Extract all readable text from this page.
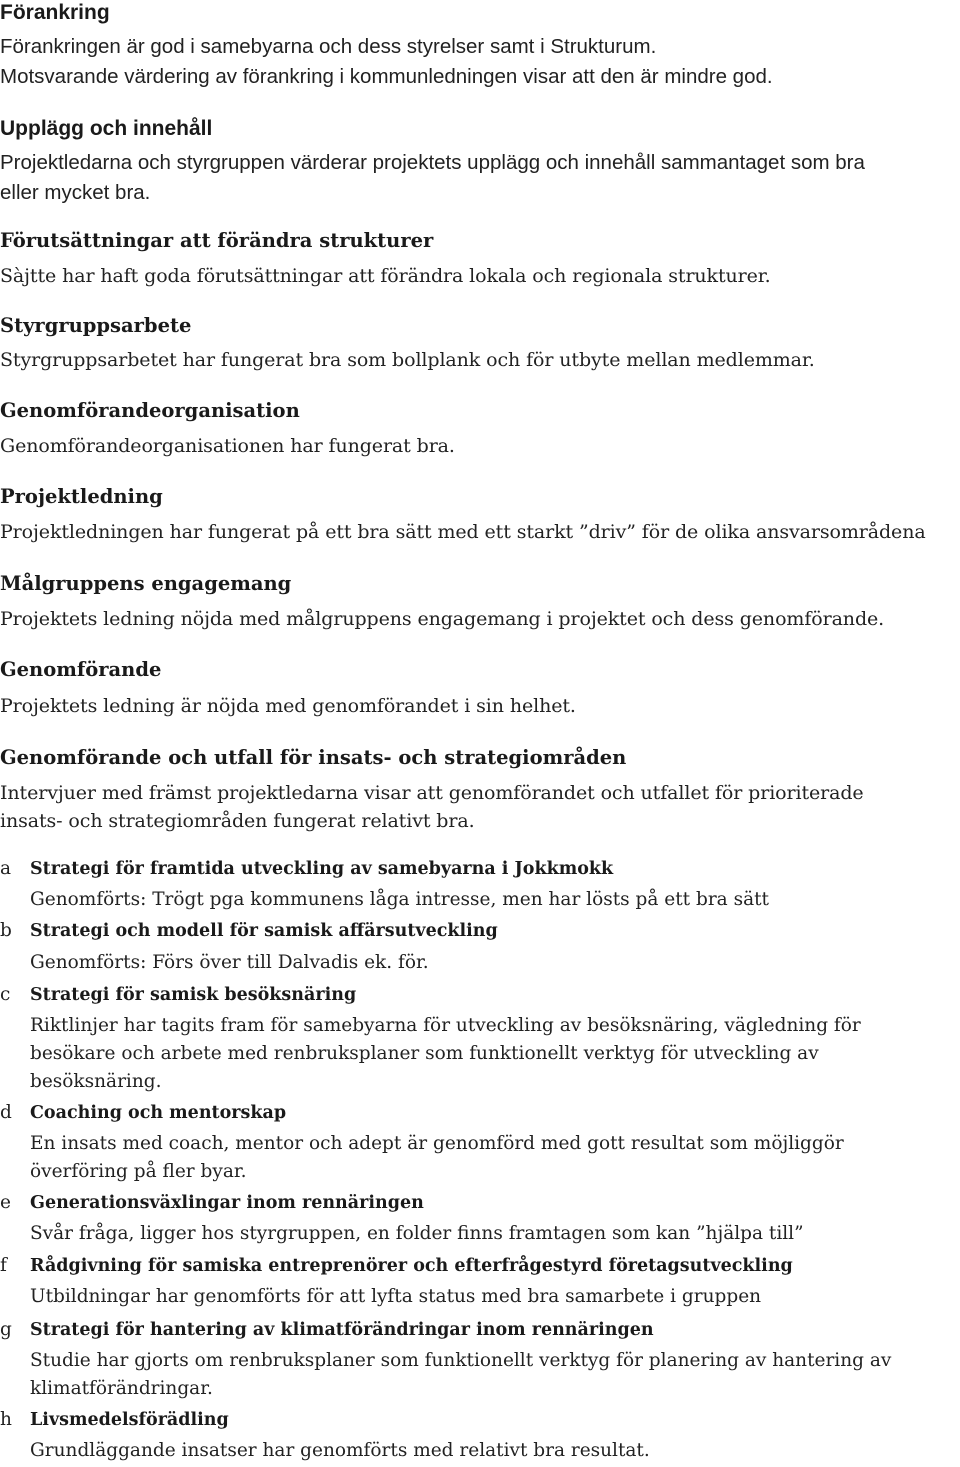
Förankring

Förankringen är god i samebyarna och dess styrelser samt i Strukturum.

Motsvarande värdering av förankring i kommunledningen visar att den är mindre god.

Upplägg och innehåll

Projektledarna och styrgruppen värderar projektets upplägg och innehåll sammantaget som bra

eller mycket bra.

Förutsättningar att förändra strukturer

Sàjtte har haft goda förutsättningar att förändra lokala och regionala strukturer.

Styrgruppsarbete

Styrgruppsarbetet har fungerat bra som bollplank och för utbyte mellan medlemmar.

Genomförandeorganisation

Genomförandeorganisationen har fungerat bra.

Projektledning

Projektledningen har fungerat på ett bra sätt med ett starkt ”driv” för de olika ansvarsområdena

Målgruppens engagemang

Projektets ledning nöjda med målgruppens engagemang i projektet och dess genomförande.

Genomförande

Projektets ledning är nöjda med genomförandet i sin helhet.

Genomförande och utfall för insats- och strategiområden

Intervjuer med främst projektledarna visar att genomförandet och utfallet för prioriterade

insats- och strategiområden fungerat relativt bra.

a Strategi för framtida utveckling av samebyarna i Jokkmokk

Genomförts: Trögt pga kommunens låga intresse, men har lösts på ett bra sätt

b Strategi och modell för samisk affärsutveckling

Genomförts: Förs över till Dalvadis ek. för.

c Strategi för samisk besöksnäring

Riktlinjer har tagits fram för samebyarna för utveckling av besöksnäring, vägledning för
besökare och arbete med renbruksplaner som funktionellt verktyg för utveckling av
besöksnäring.

d Coaching och mentorskap

En insats med coach, mentor och adept är genomförd med gott resultat som möjliggör
överföring på fler byar.

e Generationsväxlingar inom rennäringen

Svår fråga, ligger hos styrgruppen, en folder finns framtagen som kan ”hjälpa till”

f Rådgivning för samiska entreprenörer och efterfrågestyrd företagsutveckling

Utbildningar har genomförts för att lyfta status med bra samarbete i gruppen

g Strategi för hantering av klimatförändringar inom rennäringen

Studie har gjorts om renbruksplaner som funktionellt verktyg för planering av hantering av
klimatförändringar.

h Livsmedelsförädling

Grundläggande insatser har genomförts med relativt bra resultat.
